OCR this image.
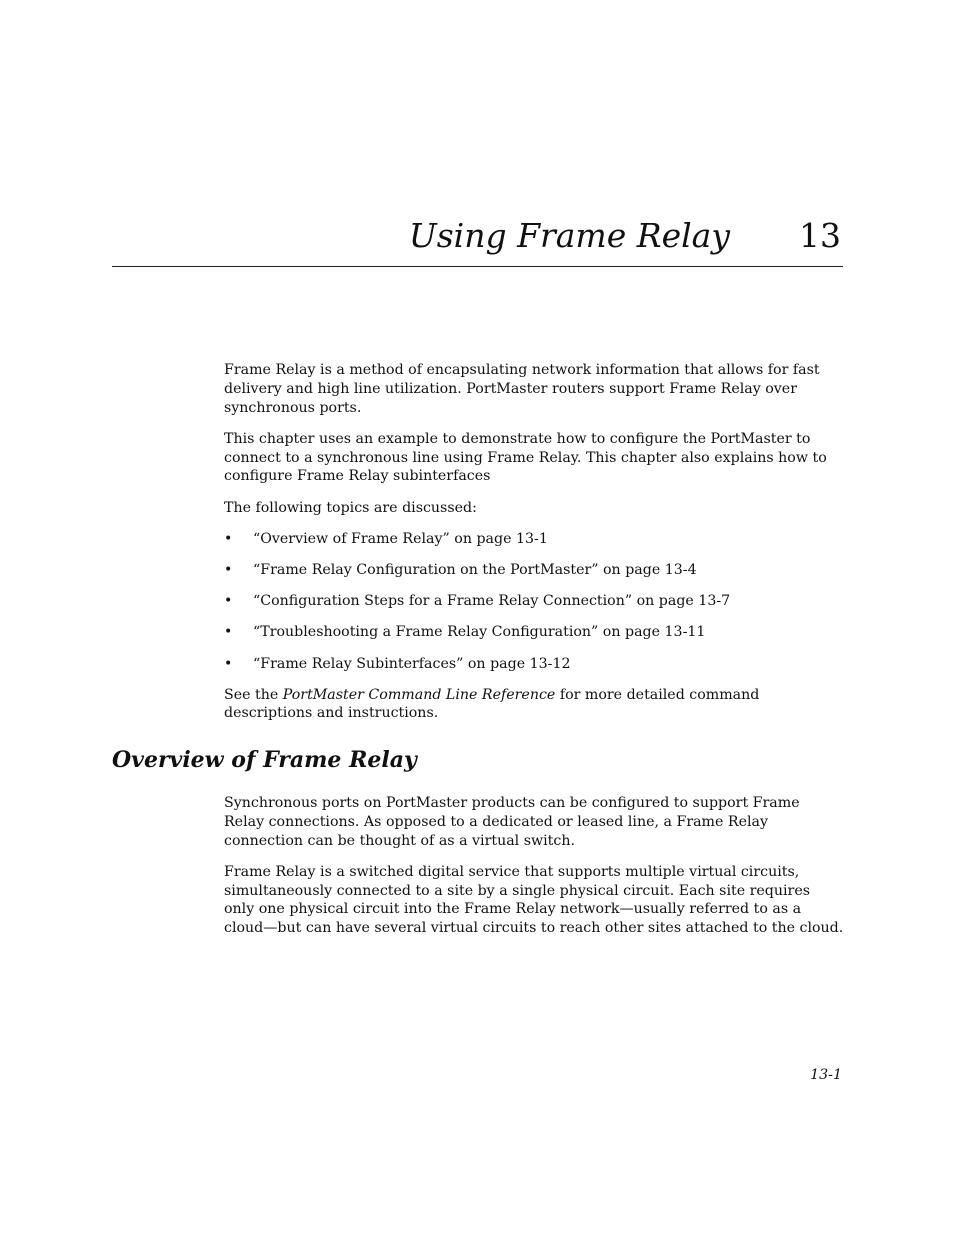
Using Frame Relay 13

Frame Relay is a method of encapsulating network information that allows for fast delivery and high line utilization. PortMaster routers support Frame Relay over synchronous ports.

This chapter uses an example to demonstrate how to configure the PortMaster to connect to a synchronous line using Frame Relay. This chapter also explains how to configure Frame Relay subinterfaces

The following topics are discussed:

• “Overview of Frame Relay” on page 13-1
• “Frame Relay Configuration on the PortMaster” on page 13-4
• “Configuration Steps for a Frame Relay Connection” on page 13-7
• “Troubleshooting a Frame Relay Configuration” on page 13-11
• “Frame Relay Subinterfaces” on page 13-12

See the PortMaster Command Line Reference for more detailed command descriptions and instructions.

Overview of Frame Relay

Synchronous ports on PortMaster products can be configured to support Frame Relay connections. As opposed to a dedicated or leased line, a Frame Relay connection can be thought of as a virtual switch.

Frame Relay is a switched digital service that supports multiple virtual circuits, simultaneously connected to a site by a single physical circuit. Each site requires only one physical circuit into the Frame Relay network—usually referred to as a cloud—but can have several virtual circuits to reach other sites attached to the cloud.

13-1
